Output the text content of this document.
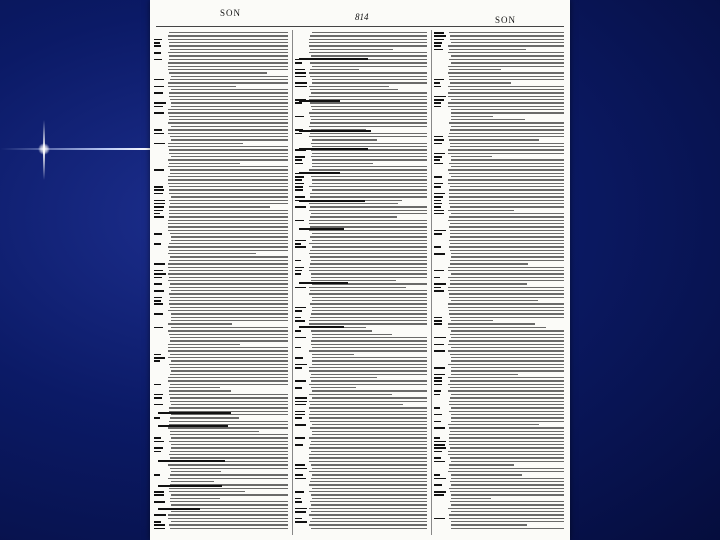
SON	814	SON
